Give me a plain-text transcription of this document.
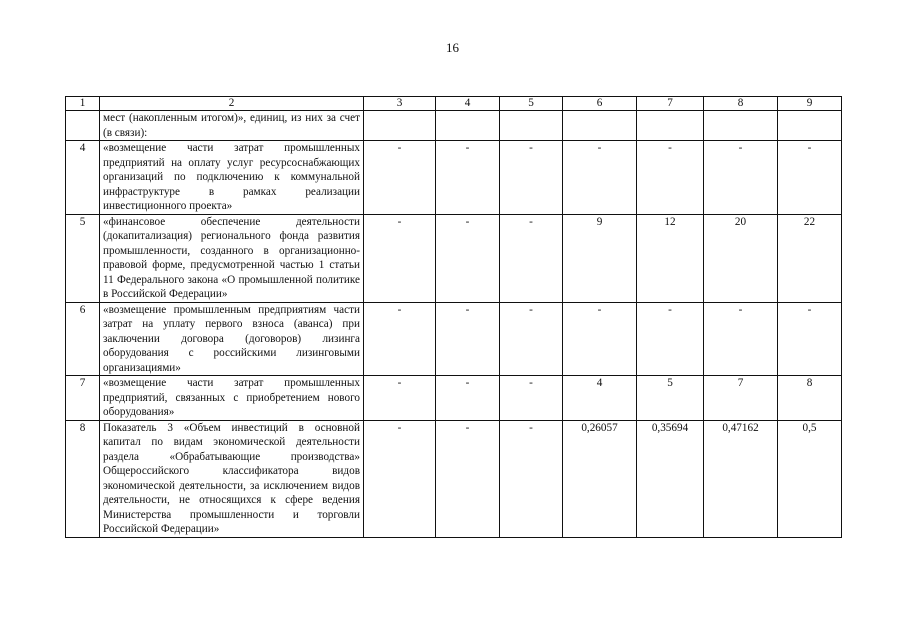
16
1	2	3	4	5	6	7	8	9
	мест (накопленным итогом)», единиц, из них за счет (в связи):							
4	«возмещение части затрат промышленных предприятий на оплату услуг ресурсоснабжающих организаций по подключению к коммунальной инфраструктуре в рамках реализации инвестиционного проекта»	-	-	-	-	-	-	-
5	«финансовое обеспечение деятельности (докапитализация) регионального фонда развития промышленности, созданного в организационно-правовой форме, предусмотренной частью 1 статьи 11 Федерального закона «О промышленной политике в Российской Федерации»	-	-	-	9	12	20	22
6	«возмещение промышленным предприятиям части затрат на уплату первого взноса (аванса) при заключении договора (договоров) лизинга оборудования с российскими лизинговыми организациями»	-	-	-	-	-	-	-
7	«возмещение части затрат промышленных предприятий, связанных с приобретением нового оборудования»	-	-	-	4	5	7	8
8	Показатель 3 «Объем инвестиций в основной капитал по видам экономической деятельности раздела «Обрабатывающие производства» Общероссийского классификатора видов экономической деятельности, за исключением видов деятельности, не относящихся к сфере ведения Министерства промышленности и торговли Российской Федерации»	-	-	-	0,26057	0,35694	0,47162	0,5
